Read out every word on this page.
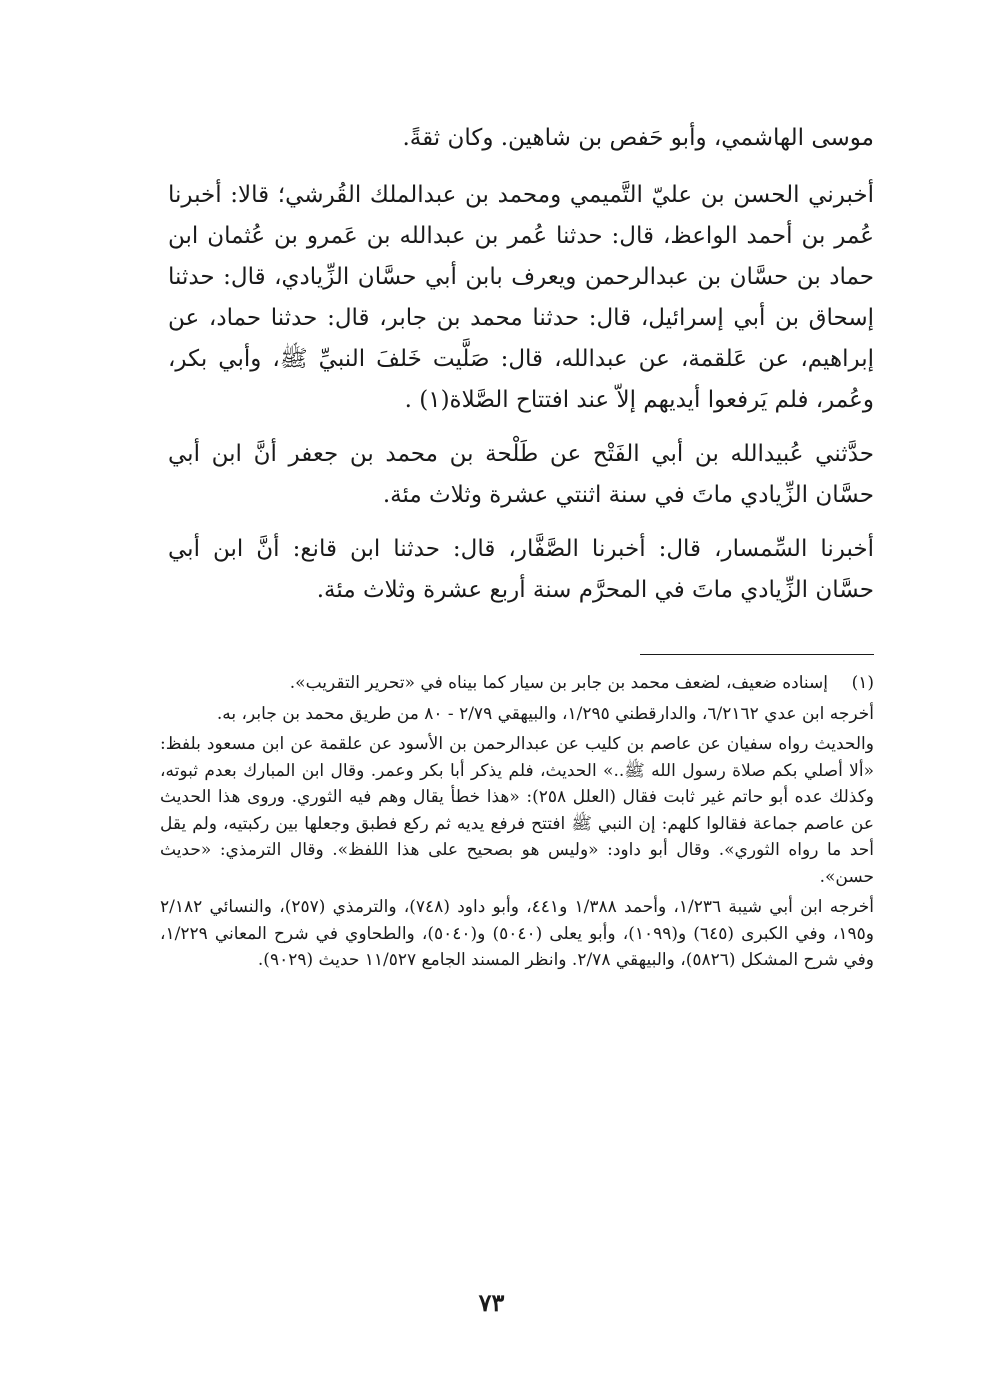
موسى الهاشمي، وأبو حَفص بن شاهين. وكان ثقةً.

أخبرني الحسن بن عليّ التَّميمي ومحمد بن عبدالملك القُرشي؛ قالا: أخبرنا عُمر بن أحمد الواعظ، قال: حدثنا عُمر بن عبدالله بن عَمرو بن عُثمان ابن حماد بن حسَّان بن عبدالرحمن ويعرف بابن أبي حسَّان الزِّيادي، قال: حدثنا إسحاق بن أبي إسرائيل، قال: حدثنا محمد بن جابر، قال: حدثنا حماد، عن إبراهيم، عن عَلقمة، عن عبدالله، قال: صَلَّيت خَلفَ النبيِّ ﷺ، وأبي بكر، وعُمر، فلم يَرفعوا أيديهم إلاّ عند افتتاح الصَّلاة(١) .

حدَّثني عُبيدالله بن أبي الفَتْح عن طَلْحة بن محمد بن جعفر أنَّ ابن أبي حسَّان الزِّيادي ماتَ في سنة اثنتي عشرة وثلاث مئة.

أخبرنا السِّمسار، قال: أخبرنا الصَّفَّار، قال: حدثنا ابن قانع: أنَّ ابن أبي حسَّان الزِّيادي ماتَ في المحرَّم سنة أربع عشرة وثلاث مئة.

(١)
إسناده ضعيف، لضعف محمد بن جابر بن سيار كما بيناه في «تحرير التقريب».

أخرجه ابن عدي ٦/٢١٦٢، والدارقطني ١/٢٩٥، والبيهقي ٢/٧٩ - ٨٠ من طريق محمد بن جابر، به.

والحديث رواه سفيان عن عاصم بن كليب عن عبدالرحمن بن الأسود عن علقمة عن ابن مسعود بلفظ: «ألا أصلي بكم صلاة رسول الله ﷺ..» الحديث، فلم يذكر أبا بكر وعمر. وقال ابن المبارك بعدم ثبوته، وكذلك عده أبو حاتم غير ثابت فقال (العلل ٢٥٨): «هذا خطأ يقال وهم فيه الثوري. وروى هذا الحديث عن عاصم جماعة فقالوا كلهم: إن النبي ﷺ افتتح فرفع يديه ثم ركع فطبق وجعلها بين ركبتيه، ولم يقل أحد ما رواه الثوري». وقال أبو داود: «وليس هو بصحيح على هذا اللفظ». وقال الترمذي: «حديث حسن».

أخرجه ابن أبي شيبة ١/٢٣٦، وأحمد ١/٣٨٨ و٤٤١، وأبو داود (٧٤٨)، والترمذي (٢٥٧)، والنسائي ٢/١٨٢ و١٩٥، وفي الكبرى (٦٤٥) و(١٠٩٩)، وأبو يعلى (٥٠٤٠) و(٥٠٤٠)، والطحاوي في شرح المعاني ١/٢٢٩، وفي شرح المشكل (٥٨٢٦)، والبيهقي ٢/٧٨. وانظر المسند الجامع ١١/٥٢٧ حديث (٩٠٢٩).

٧٣
